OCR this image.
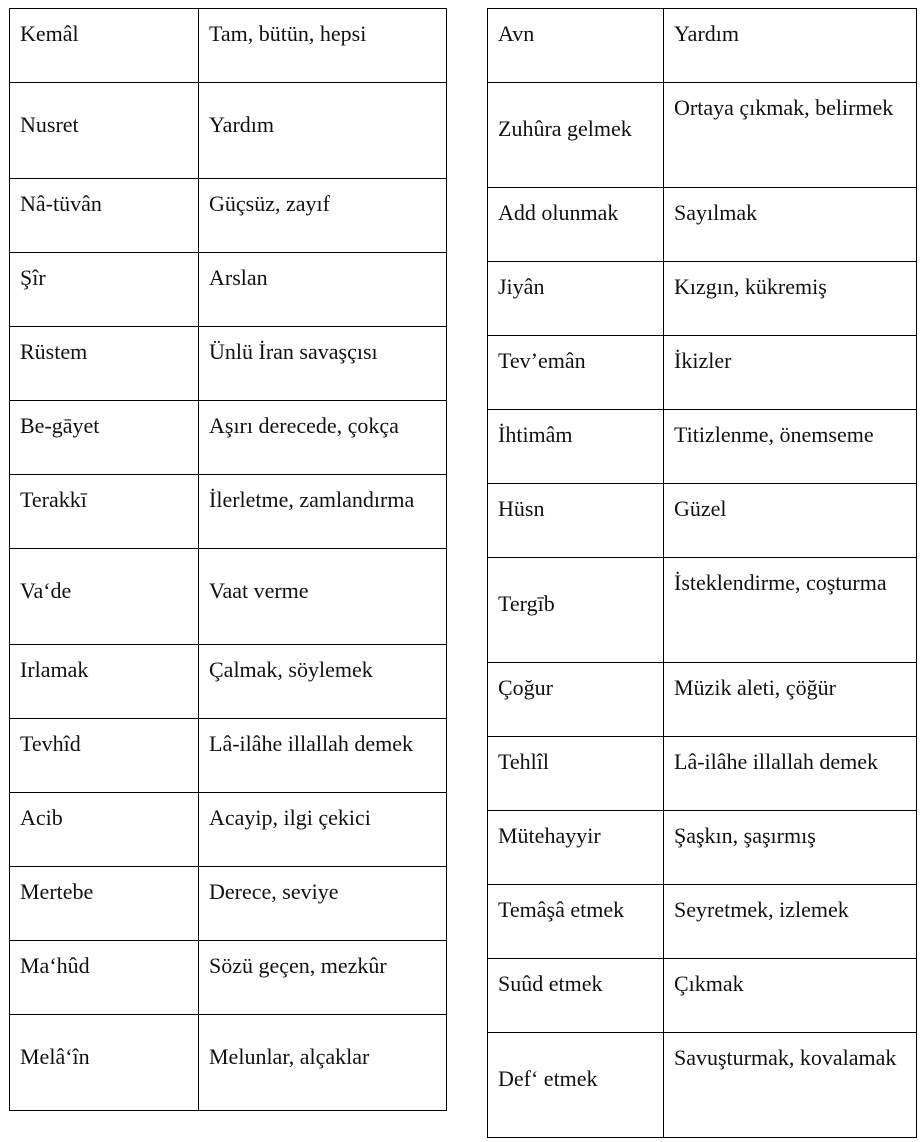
Kemâl	Tam, bütün, hepsi

Nusret	Yardım

Nâ-tüvân	Güçsüz, zayıf
Şîr	Arslan
Rüstem	Ünlü İran savaşçısı
Be-gāyet	Aşırı derecede, çokça
Terakkī	İlerletme, zamlandırma

Va‘de	Vaat verme

Irlamak	Çalmak, söylemek
Tevhîd	Lâ-ilâhe illallah demek
Acib	Acayip, ilgi çekici
Mertebe	Derece, seviye
Ma‘hûd	Sözü geçen, mezkûr

Melâ‘în	Melunlar, alçaklar
Avn	Yardım

Zuhûra gelmek	Ortaya çıkmak, belirmek
Add olunmak	Sayılmak
Jiyân	Kızgın, kükremiş
Tev’emân	İkizler
İhtimâm	Titizlenme, önemseme
Hüsn	Güzel

Tergīb	İsteklendirme, coşturma
Çoğur	Müzik aleti, çöğür
Tehlîl	Lâ-ilâhe illallah demek
Mütehayyir	Şaşkın, şaşırmış
Temâşâ etmek	Seyretmek, izlemek
Suûd etmek	Çıkmak

Def‘ etmek	Savuşturmak, kovalamak
